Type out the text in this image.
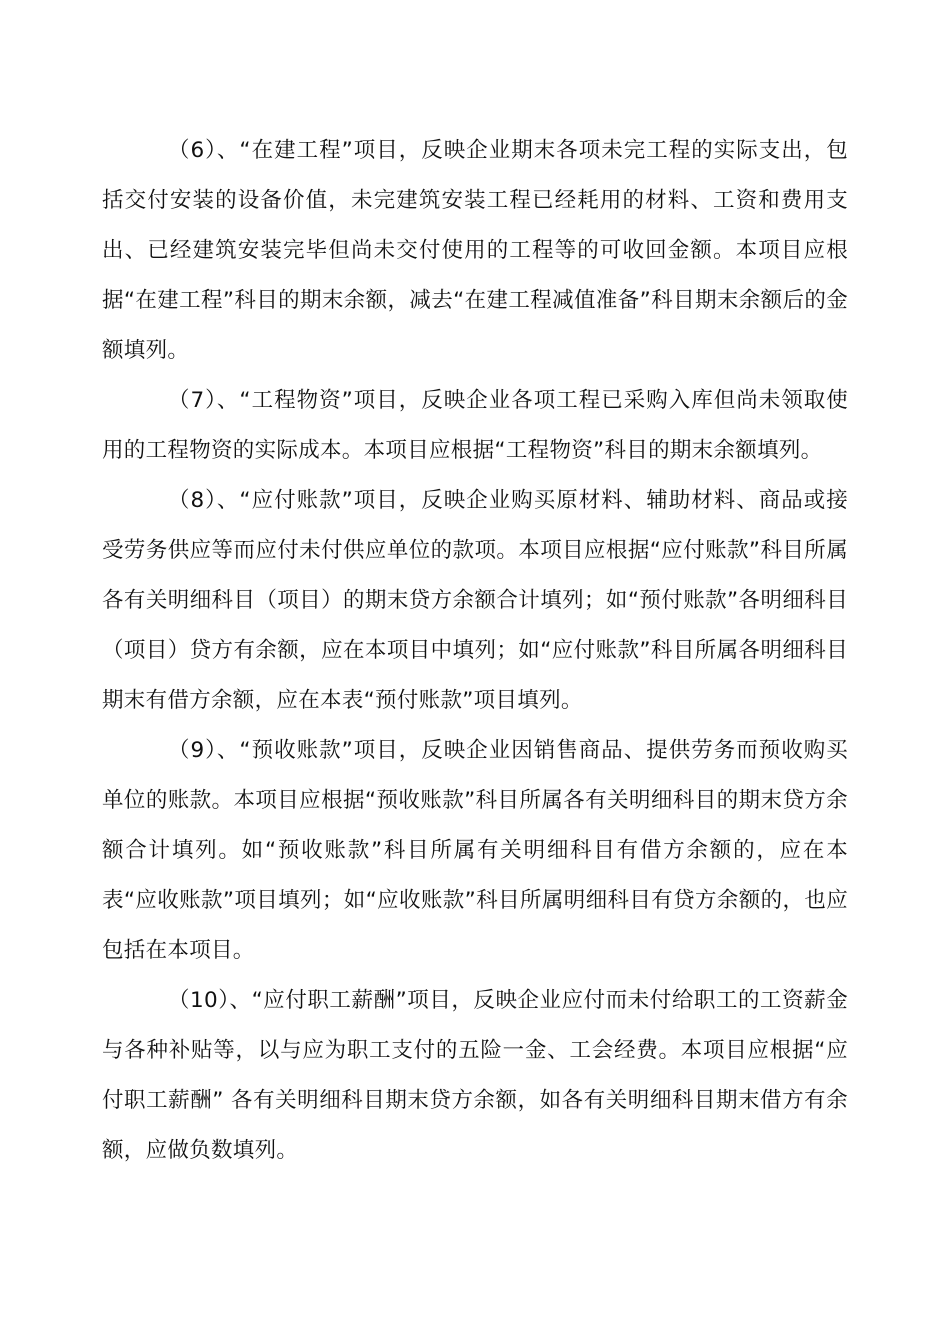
（6）、“在建工程”项目，反映企业期末各项未完工程的实际支出，包括交付安装的设备价值，未完建筑安装工程已经耗用的材料、工资和费用支出、已经建筑安装完毕但尚未交付使用的工程等的可收回金额。本项目应根据“在建工程”科目的期末余额，减去“在建工程减值准备”科目期末余额后的金额填列。

（7）、“工程物资”项目，反映企业各项工程已采购入库但尚未领取使用的工程物资的实际成本。本项目应根据“工程物资”科目的期末余额填列。

（8）、“应付账款”项目，反映企业购买原材料、辅助材料、商品或接受劳务供应等而应付未付供应单位的款项。本项目应根据“应付账款”科目所属各有关明细科目（项目）的期末贷方余额合计填列；如“预付账款”各明细科目（项目）贷方有余额，应在本项目中填列；如“应付账款”科目所属各明细科目期末有借方余额，应在本表“预付账款”项目填列。

（9）、“预收账款”项目，反映企业因销售商品、提供劳务而预收购买单位的账款。本项目应根据“预收账款”科目所属各有关明细科目的期末贷方余额合计填列。如“预收账款”科目所属有关明细科目有借方余额的，应在本表“应收账款”项目填列；如“应收账款”科目所属明细科目有贷方余额的，也应包括在本项目。

（10）、“应付职工薪酬”项目，反映企业应付而未付给职工的工资薪金与各种补贴等，以与应为职工支付的五险一金、工会经费。本项目应根据“应付职工薪酬” 各有关明细科目期末贷方余额，如各有关明细科目期末借方有余额，应做负数填列。
